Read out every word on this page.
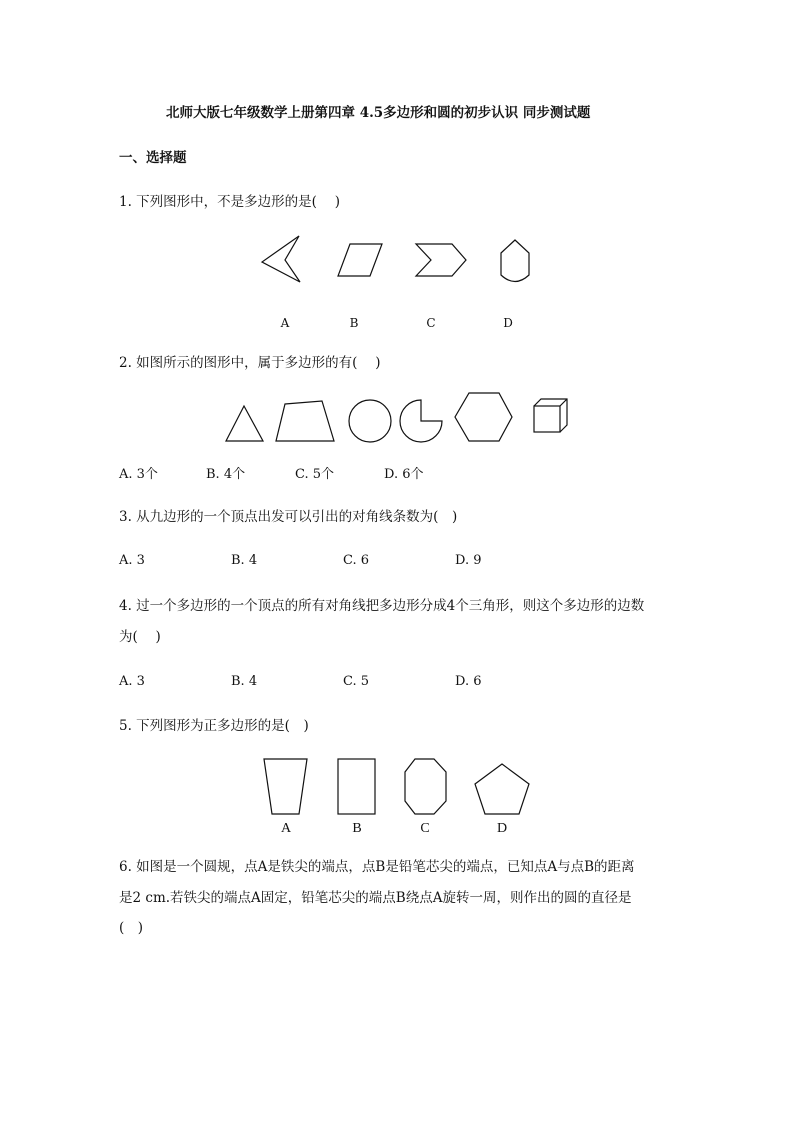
北师大版七年级数学上册第四章 4.5多边形和圆的初步认识 同步测试题
一、选择题
1. 下列图形中，不是多边形的是(　 )
A	B	C	D
2. 如图所示的图形中，属于多边形的有(　 )
A. 3个	B. 4个	C. 5个	D. 6个
3. 从九边形的一个顶点出发可以引出的对角线条数为(　)
A. 3	B. 4	C. 6	D. 9
4. 过一个多边形的一个顶点的所有对角线把多边形分成4个三角形，则这个多边形的边数
为(　 )
A. 3	B. 4	C. 5	D. 6
5. 下列图形为正多边形的是(　)
A	B	C	D
6. 如图是一个圆规，点A是铁尖的端点，点B是铅笔芯尖的端点，已知点A与点B的距离
是2 cm.若铁尖的端点A固定，铅笔芯尖的端点B绕点A旋转一周，则作出的圆的直径是
(　)
